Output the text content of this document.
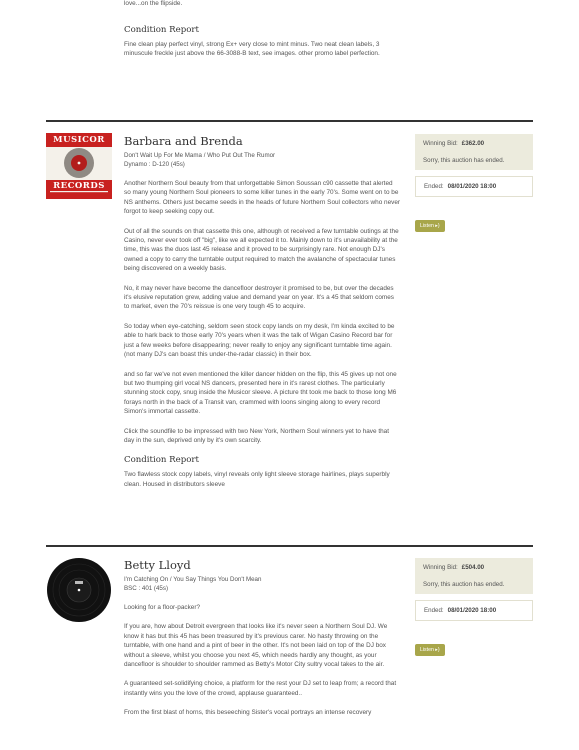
love...on the flipside.

Condition Report

Fine clean play perfect vinyl, strong Ex+ very close to mint minus. Two neat clean labels, 3 minuscule freckle just above the 66-3088-B text, see images. other promo label perfection.

MUSICOR
RECORDS
Barbara and Brenda
Don't Wait Up For Me Mama / Who Put Out The Rumor
Dynamo : D-120 (45s)

Another Northern Soul beauty from that unforgettable Simon Soussan c90 cassette that alerted so many young Northern Soul pioneers to some killer tunes in the early 70's. Some went on to be NS anthems. Others just became seeds in the heads of future Northern Soul collectors who never forgot to keep seeking copy out.

Out of all the sounds on that cassette this one, although ot received a few turntable outings at the Casino, never ever took off "big", like we all expected it to. Mainly down to it's unavailability at the time, this was the duos last 45 release and it proved to be surprisingly rare. Not enough DJ's owned a copy to carry the turntable output required to match the avalanche of spectacular tunes being discovered on a weekly basis.

No, it may never have become the dancefloor destroyer it promised to be, but over the decades it's elusive reputation grew, adding value and demand year on year. It's a 45 that seldom comes to market, even the 70's reissue is one very tough 45 to acquire.

So today when eye-catching, seldom seen stock copy lands on my desk, I'm kinda excited to be able to hark back to those early 70's years when it was the talk of Wigan Casino Record bar for just a few weeks before disappearing; never really to enjoy any significant turntable time again. (not many DJ's can boast this under-the-radar classic) in their box.

and so far we've not even mentioned the killer dancer hidden on the flip, this 45 gives up not one but two thumping girl vocal NS dancers, presented here in it's rarest clothes. The particularly stunning stock copy, snug inside the Musicor sleeve. A picture tht took me back to those long M6 forays north in the back of a Transit van, crammed with loons singing along to every record Simon's immortal cassette.

Click the soundfile to be impressed with two New York, Northern Soul winners yet to have that day in the sun, deprived only by it's own scarcity.

Condition Report

Two flawless stock copy labels, vinyl reveals only light sleeve storage hairlines, plays superbly clean. Housed in distributors sleeve

Winning Bid: £362.00
Sorry, this auction has ended.
Ended: 08/01/2020 18:00
Listen ▸)
Betty Lloyd
I'm Catching On / You Say Things You Don't Mean
BSC : 401 (45s)

Looking for a floor-packer?

If you are, how about Detroit evergreen that looks like it's never seen a Northern Soul DJ. We know it has but this 45 has been treasured by it's previous carer. No hasty throwing on the turntable, with one hand and a pint of beer in the other. It's not been laid on top of the DJ box without a sleeve, whilst you choose you next 45, which needs hardly any thought, as your dancefloor is shoulder to shoulder rammed as Betty's Motor City sultry vocal takes to the air.

A guaranteed set-solidifying choice, a platform for the rest your DJ set to leap from; a record that instantly wins you the love of the crowd, applause guaranteed..

From the first blast of horns, this beseeching Sister's vocal portrays an intense recovery

Winning Bid: £504.00
Sorry, this auction has ended.
Ended: 08/01/2020 18:00
Listen ▸)
